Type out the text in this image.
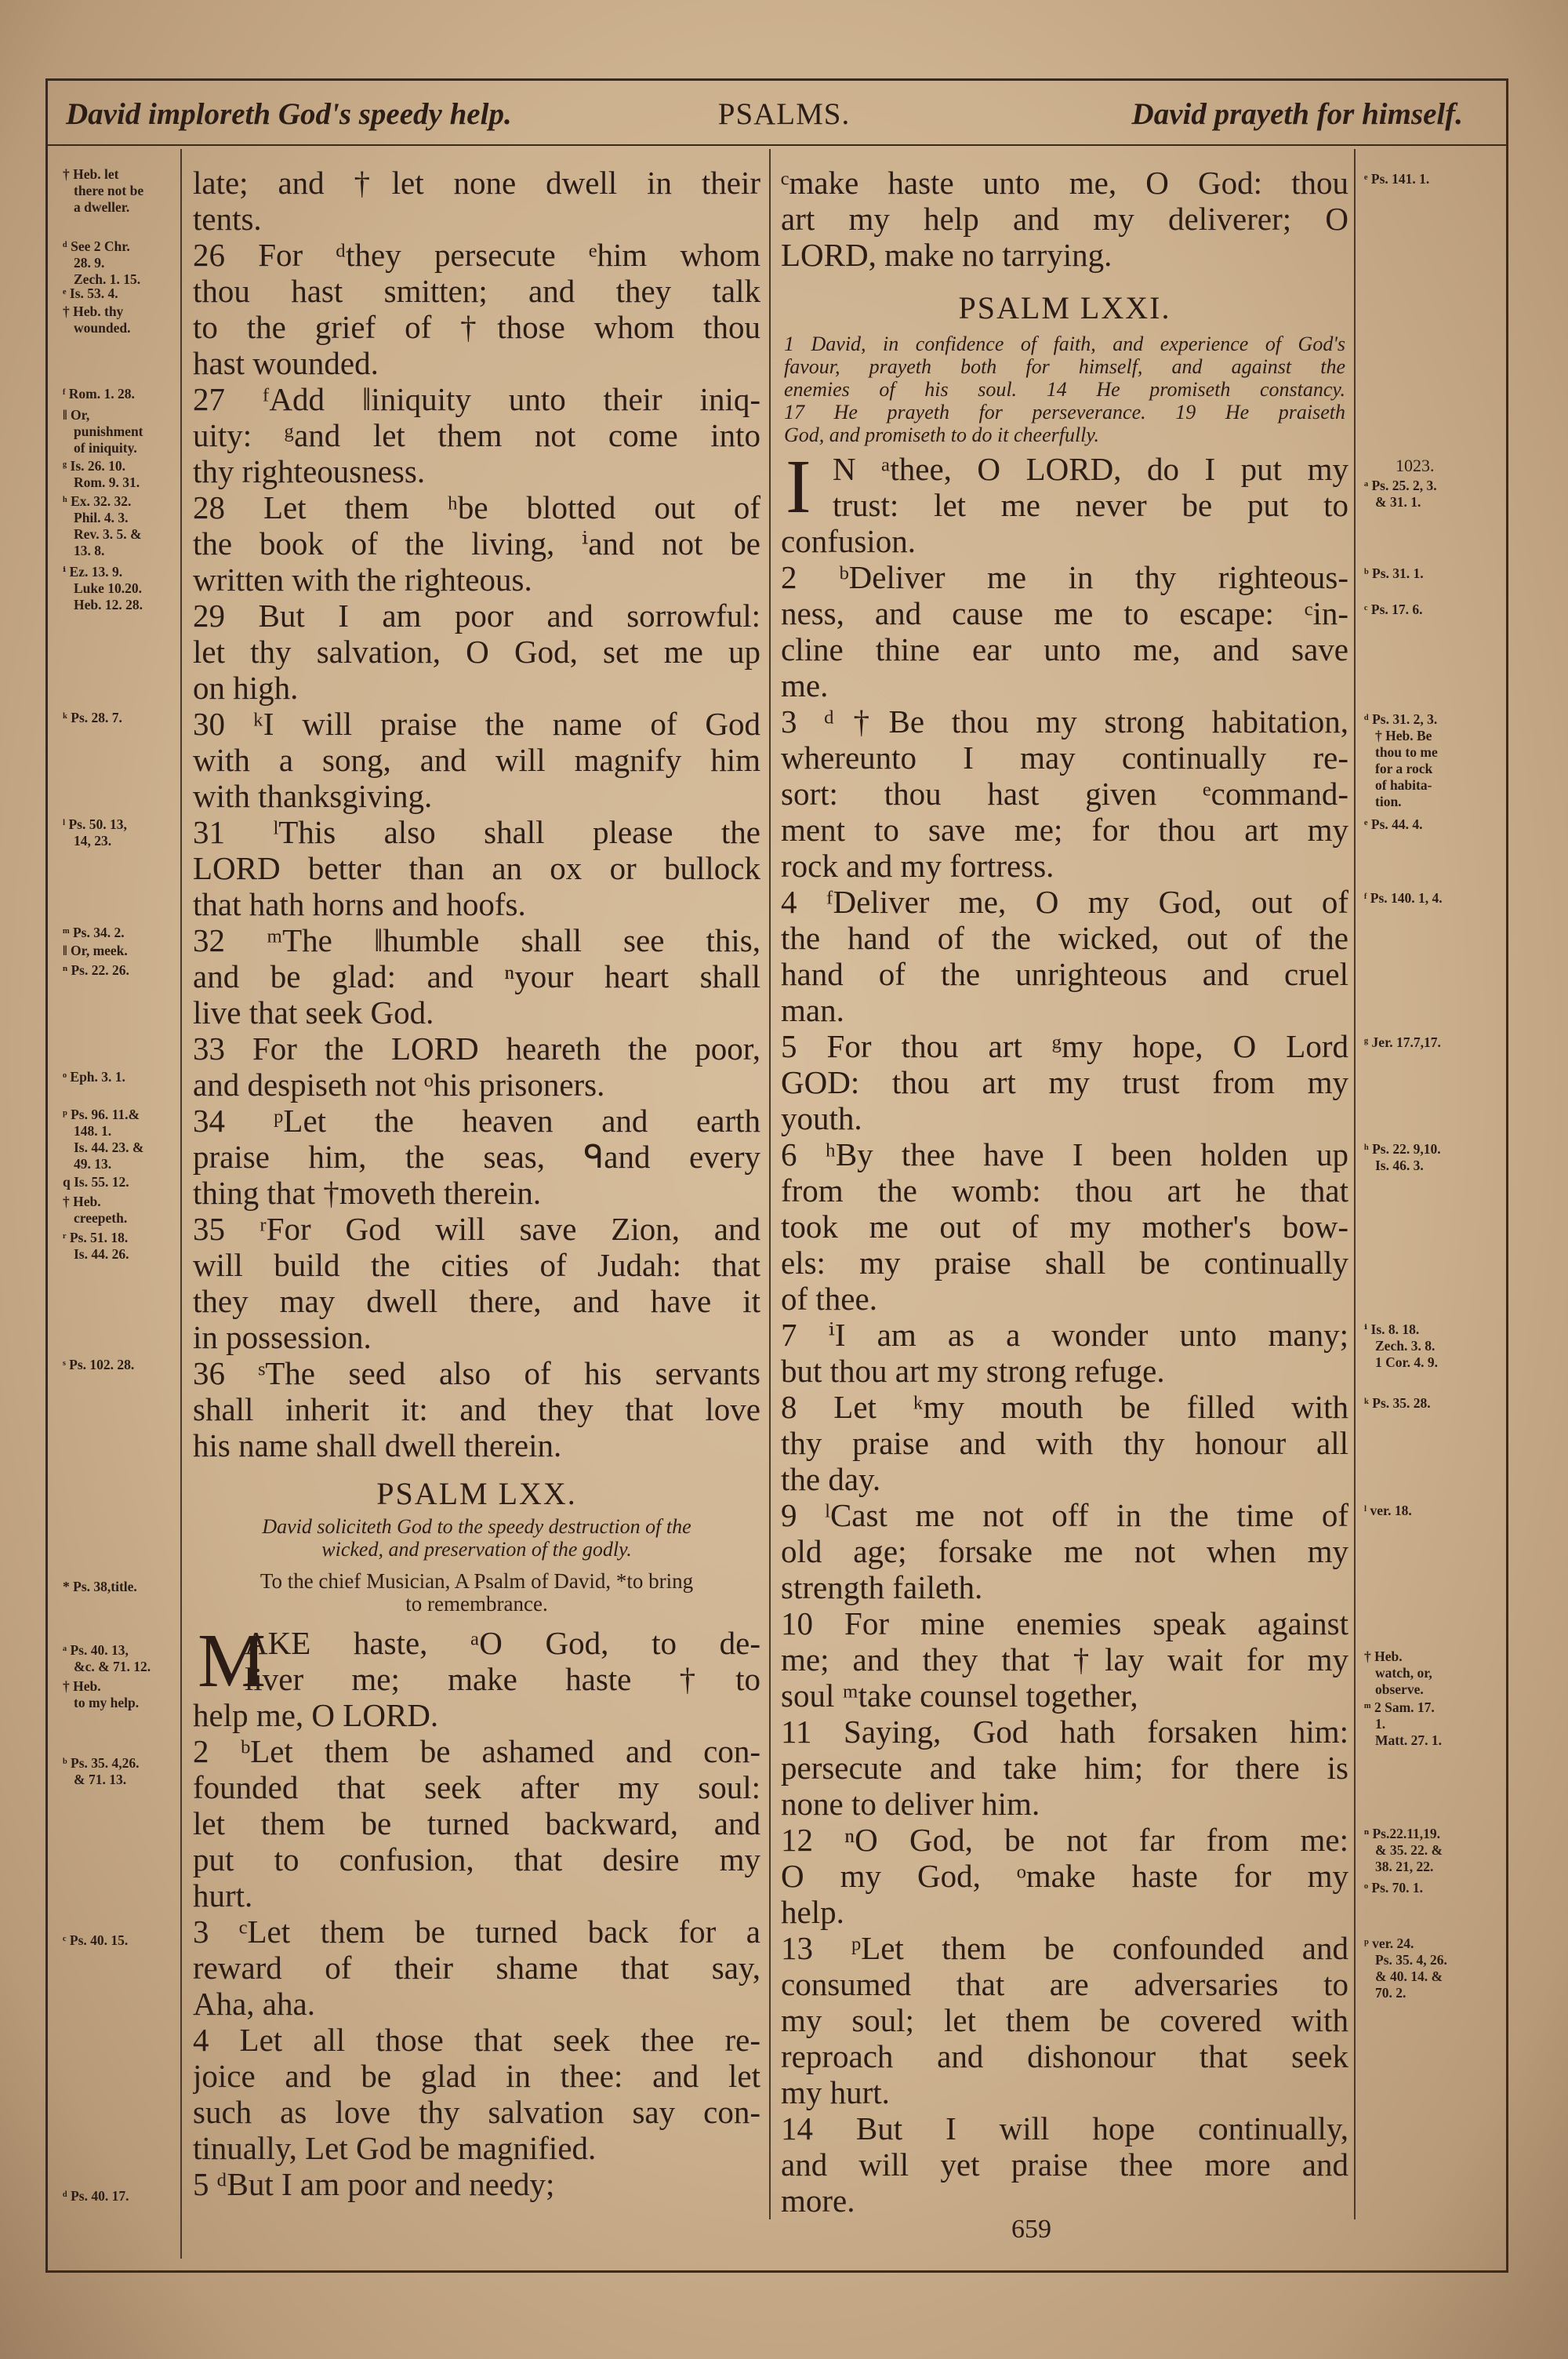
David imploreth God's speedy help.	PSALMS.	David prayeth for himself.
late; and †let none dwell in their
tents.
26 For ᵈthey persecute ᵉhim whom
thou hast smitten; and they talk
to the grief of †those whom thou
hast wounded.
27 ᶠAdd ‖iniquity unto their iniq-
uity: ᵍand let them not come into
thy righteousness.
28 Let them ʰbe blotted out of
the book of the living, ⁱand not be
written with the righteous.
29 But I am poor and sorrowful:
let thy salvation, O God, set me up
on high.
30 ᵏI will praise the name of God
with a song, and will magnify him
with thanksgiving.
31 ˡThis also shall please the
LORD better than an ox or bullock
that hath horns and hoofs.
32 ᵐThe ‖humble shall see this,
and be glad: and ⁿyour heart shall
live that seek God.
33 For the LORD heareth the poor,
and despiseth not ᵒhis prisoners.
34 ᵖLet the heaven and earth
praise him, the seas, ᑫand every
thing that †moveth therein.
35 ʳFor God will save Zion, and
will build the cities of Judah: that
they may dwell there, and have it
in possession.
36 ˢThe seed also of his servants
shall inherit it: and they that love
his name shall dwell therein.
PSALM LXX.
David soliciteth God to the speedy destruction of the
wicked, and preservation of the godly.
To the chief Musician, A Psalm of David, *to bring
to remembrance.
M
AKE haste, ᵃO God, to de-
liver me; make haste †to
help me, O LORD.
2 ᵇLet them be ashamed and con-
founded that seek after my soul:
let them be turned backward, and
put to confusion, that desire my
hurt.
3 ᶜLet them be turned back for a
reward of their shame that say,
Aha, aha.
4 Let all those that seek thee re-
joice and be glad in thee: and let
such as love thy salvation say con-
tinually, Let God be magnified.
5 ᵈBut I am poor and needy;
ᶜmake haste unto me, O God: thou
art my help and my deliverer; O
LORD, make no tarrying.
PSALM LXXI.
1 David, in confidence of faith, and experience of God's
favour, prayeth both for himself, and against the
enemies of his soul. 14 He promiseth constancy.
17 He prayeth for perseverance. 19 He praiseth
God, and promiseth to do it cheerfully.
I N ᵃthee, O LORD, do I put my
trust: let me never be put to
confusion.
2 ᵇDeliver me in thy righteous-
ness, and cause me to escape: ᶜin-
cline thine ear unto me, and save
me.
3 ᵈ†Be thou my strong habitation,
whereunto I may continually re-
sort: thou hast given ᵉcommand-
ment to save me; for thou art my
rock and my fortress.
4 ᶠDeliver me, O my God, out of
the hand of the wicked, out of the
hand of the unrighteous and cruel
man.
5 For thou art ᵍmy hope, O Lord
GOD: thou art my trust from my
youth.
6 ʰBy thee have I been holden up
from the womb: thou art he that
took me out of my mother's bow-
els: my praise shall be continually
of thee.
7 ⁱI am as a wonder unto many;
but thou art my strong refuge.
8 Let ᵏmy mouth be filled with
thy praise and with thy honour all
the day.
9 ˡCast me not off in the time of
old age; forsake me not when my
strength faileth.
10 For mine enemies speak against
me; and they that †lay wait for my
soul ᵐtake counsel together,
11 Saying, God hath forsaken him:
persecute and take him; for there is
none to deliver him.
12 ⁿO God, be not far from me:
O my God, ᵒmake haste for my
help.
13 ᵖLet them be confounded and
consumed that are adversaries to
my soul; let them be covered with
reproach and dishonour that seek
my hurt.
14 But I will hope continually,
and will yet praise thee more and
more.
† Heb. let
there not be
a dweller.
ᵈ See 2 Chr.
28. 9.
Zech. 1. 15.
ᵉ Is. 53. 4.
† Heb. thy
wounded.
ᶠ Rom. 1. 28.
‖ Or,
punishment
of iniquity.
ᵍ Is. 26. 10.
Rom. 9. 31.
ʰ Ex. 32. 32.
Phil. 4. 3.
Rev. 3. 5. &
13. 8.
ⁱ Ez. 13. 9.
Luke 10.20.
Heb. 12. 28.
ᵏ Ps. 28. 7.
ˡ Ps. 50. 13,
14, 23.
ᵐ Ps. 34. 2.
‖ Or, meek.
ⁿ Ps. 22. 26.
ᵒ Eph. 3. 1.
ᵖ Ps. 96. 11.&
148. 1.
Is. 44. 23. &
49. 13.
q Is. 55. 12.
† Heb.
creepeth.
ʳ Ps. 51. 18.
Is. 44. 26.
ˢ Ps. 102. 28.
* Ps. 38,title.
ᵃ Ps. 40. 13,
&c. & 71. 12.
† Heb.
to my help.
ᵇ Ps. 35. 4,26.
& 71. 13.
ᶜ Ps. 40. 15.
ᵈ Ps. 40. 17.
ᵉ Ps. 141. 1.
1023.
ᵃ Ps. 25. 2, 3.
& 31. 1.
ᵇ Ps. 31. 1.
ᶜ Ps. 17. 6.
ᵈ Ps. 31. 2, 3.
† Heb. Be
thou to me
for a rock
of habita-
tion.
ᵉ Ps. 44. 4.
ᶠ Ps. 140. 1, 4.
ᵍ Jer. 17.7,17.
ʰ Ps. 22. 9,10.
Is. 46. 3.
ⁱ Is. 8. 18.
Zech. 3. 8.
1 Cor. 4. 9.
ᵏ Ps. 35. 28.
ˡ ver. 18.
† Heb.
watch, or,
observe.
ᵐ 2 Sam. 17.
1.
Matt. 27. 1.
ⁿ Ps.22.11,19.
& 35. 22. &
38. 21, 22.
ᵒ Ps. 70. 1.
ᵖ ver. 24.
Ps. 35. 4, 26.
& 40. 14. &
70. 2.
659
